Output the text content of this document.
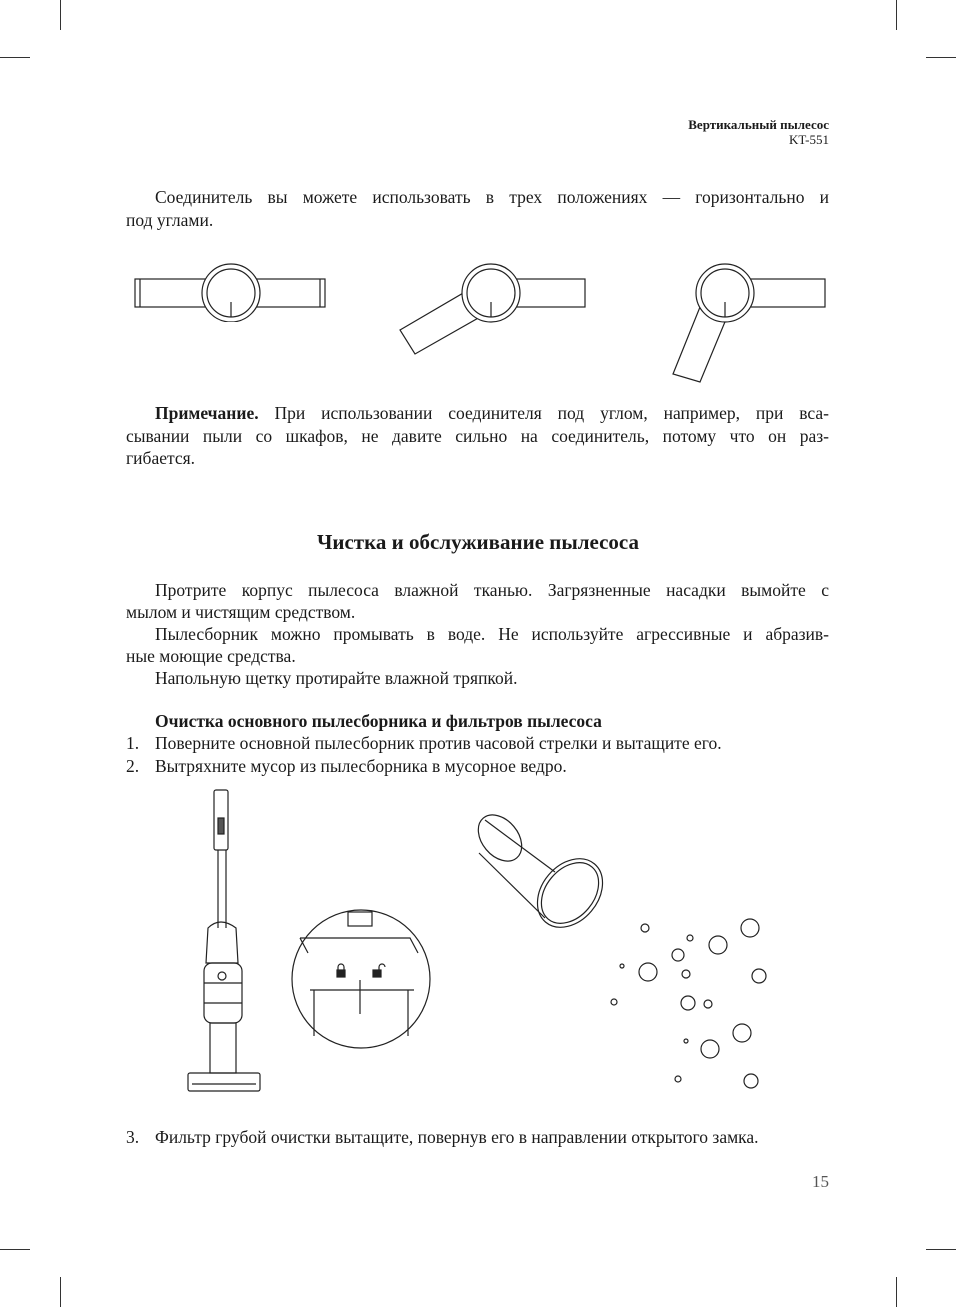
Вертикальный пылесос
KT-551
Соединитель вы можете использовать в трех положениях — горизонтально и
под углами.
Примечание. При использовании соединителя под углом, например, при вса-
сывании пыли со шкафов, не давите сильно на соединитель, потому что он раз-
гибается.
Чистка и обслуживание пылесоса
Протрите корпус пылесоса влажной тканью. Загрязненные насадки вымойте с
мылом и чистящим средством.
Пылесборник можно промывать в воде. Не используйте агрессивные и абразив-
ные моющие средства.
Напольную щетку протирайте влажной тряпкой.
Очистка основного пылесборника и фильтров пылесоса
1. Поверните основной пылесборник против часовой стрелки и вытащите его.
2. Вытряхните мусор из пылесборника в мусорное ведро.
3. Фильтр грубой очистки вытащите, повернув его в направлении открытого замка.
15
